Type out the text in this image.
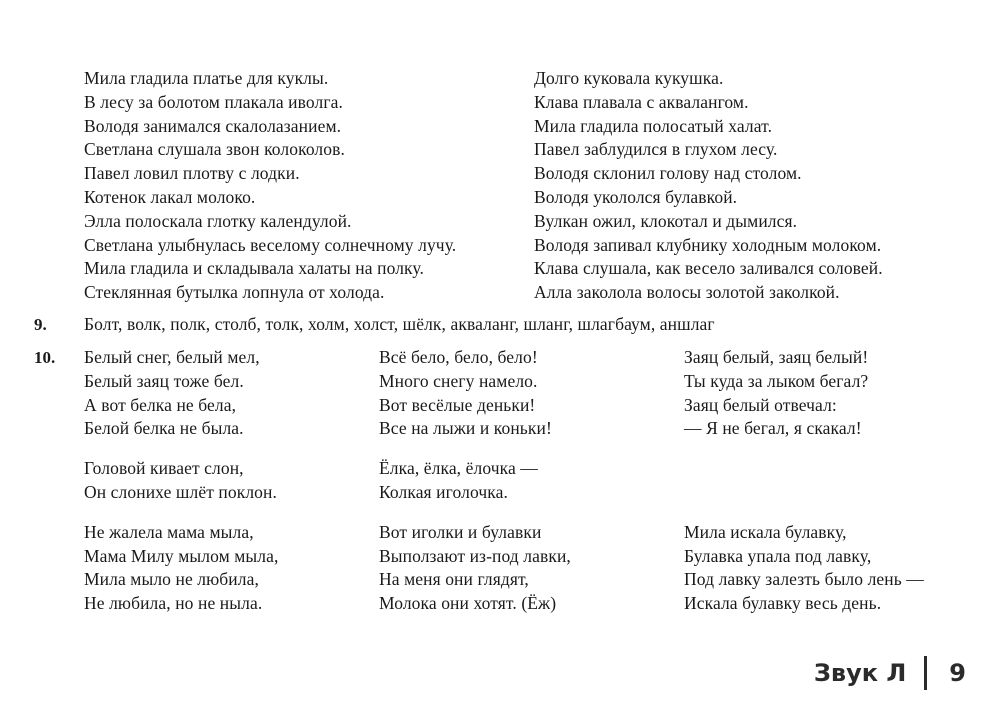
Мила гладила платье для куклы.
В лесу за болотом плакала иволга.
Володя занимался скалолазанием.
Светлана слушала звон колоколов.
Павел ловил плотву с лодки.
Котенок лакал молоко.
Элла полоскала глотку календулой.
Светлана улыбнулась веселому солнечному лучу.
Мила гладила и складывала халаты на полку.
Стеклянная бутылка лопнула от холода.
Долго куковала кукушка.
Клава плавала с аквалангом.
Мила гладила полосатый халат.
Павел заблудился в глухом лесу.
Володя склонил голову над столом.
Володя укололся булавкой.
Вулкан ожил, клокотал и дымился.
Володя запивал клубнику холодным молоком.
Клава слушала, как весело заливался соловей.
Алла заколола волосы золотой заколкой.
9. Болт, волк, полк, столб, толк, холм, холст, шёлк, акваланг, шланг, шлагбаум, аншлаг
10. Белый снег, белый мел,
Белый заяц тоже бел.
А вот белка не бела,
Белой белка не была.
Головой кивает слон,
Он слонихе шлёт поклон.
Не жалела мама мыла,
Мама Милу мылом мыла,
Мила мыло не любила,
Не любила, но не ныла.
Всё бело, бело, бело!
Много снегу намело.
Вот весёлые деньки!
Все на лыжи и коньки!
Ёлка, ёлка, ёлочка —
Колкая иголочка.
Вот иголки и булавки
Выползают из-под лавки,
На меня они глядят,
Молока они хотят. (Ёж)
Заяц белый, заяц белый!
Ты куда за лыком бегал?
Заяц белый отвечал:
— Я не бегал, я скакал!
Мила искала булавку,
Булавка упала под лавку,
Под лавку залезть было лень —
Искала булавку весь день.
Звук Л 9
